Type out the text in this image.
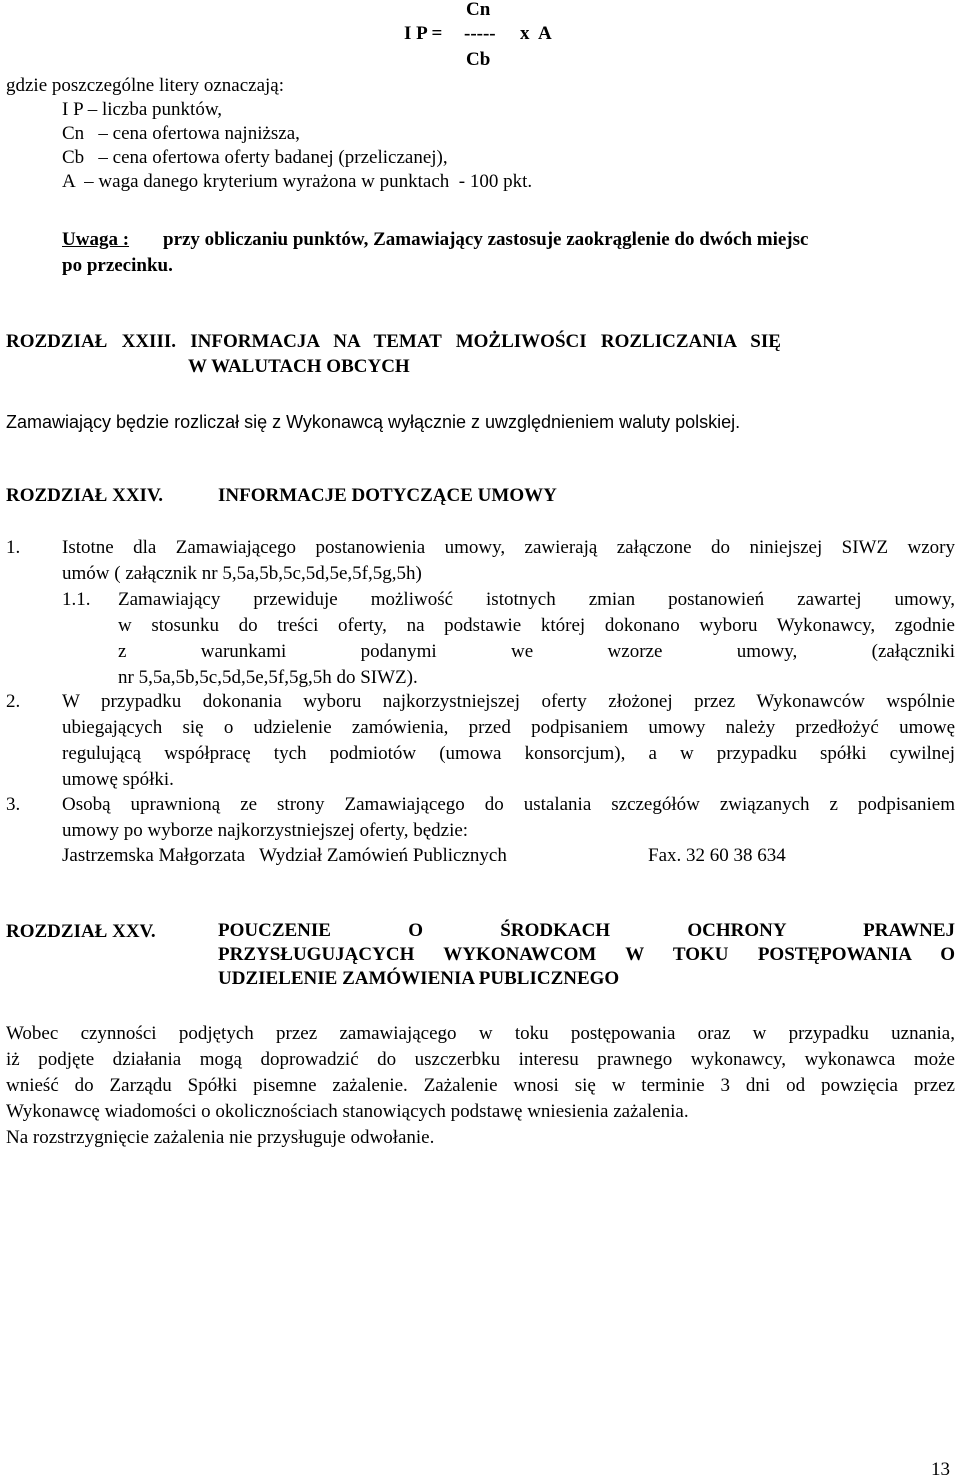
Cn
I P = ----- x  A
Cb
gdzie poszczególne litery oznaczają:
I P – liczba punktów,
Cn   – cena ofertowa najniższa,
Cb   – cena ofertowa oferty badanej (przeliczanej),
A  – waga danego kryterium wyrażona w punktach  - 100 pkt.
Uwaga : przy obliczaniu punktów, Zamawiający zastosuje zaokrąglenie do dwóch miejsc
po przecinku.
ROZDZIAŁ   XXIII.   INFORMACJA   NA   TEMAT   MOŻLIWOŚCI   ROZLICZANIA   SIĘ
W WALUTACH OBCYCH
Zamawiający będzie rozliczał się z Wykonawcą wyłącznie z uwzględnieniem waluty polskiej.
ROZDZIAŁ XXIV.	INFORMACJE DOTYCZĄCE UMOWY
1. Istotne dla Zamawiającego postanowienia umowy, zawierają załączone do niniejszej SIWZ wzory
umów ( załącznik nr 5,5a,5b,5c,5d,5e,5f,5g,5h)
1.1. Zamawiający przewiduje możliwość istotnych zmian postanowień zawartej umowy,
w stosunku do treści oferty, na podstawie której dokonano wyboru Wykonawcy, zgodnie
z warunkami podanymi we wzorze umowy, (załączniki
nr 5,5a,5b,5c,5d,5e,5f,5g,5h do SIWZ).
2. W przypadku dokonania wyboru najkorzystniejszej oferty złożonej przez Wykonawców wspólnie
ubiegających się o udzielenie zamówienia, przed podpisaniem umowy należy przedłożyć umowę
regulującą współpracę tych podmiotów (umowa konsorcjum), a w przypadku spółki cywilnej
umowę spółki.
3. Osobą uprawnioną ze strony Zamawiającego do ustalania szczegółów związanych z podpisaniem
umowy po wyborze najkorzystniejszej oferty, będzie:
Jastrzemska Małgorzata   Wydział Zamówień Publicznych	Fax. 32 60 38 634
ROZDZIAŁ XXV.	POUCZENIE O ŚRODKACH OCHRONY PRAWNEJ
PRZYSŁUGUJĄCYCH WYKONAWCOM W TOKU POSTĘPOWANIA O
UDZIELENIE ZAMÓWIENIA PUBLICZNEGO
Wobec czynności podjętych przez zamawiającego w toku postępowania oraz w przypadku uznania,
iż podjęte działania mogą doprowadzić do uszczerbku interesu prawnego wykonawcy, wykonawca może
wnieść do Zarządu Spółki pisemne zażalenie. Zażalenie wnosi się w terminie 3 dni od powzięcia przez
Wykonawcę wiadomości o okolicznościach stanowiących podstawę wniesienia zażalenia.
Na rozstrzygnięcie zażalenia nie przysługuje odwołanie.
13
